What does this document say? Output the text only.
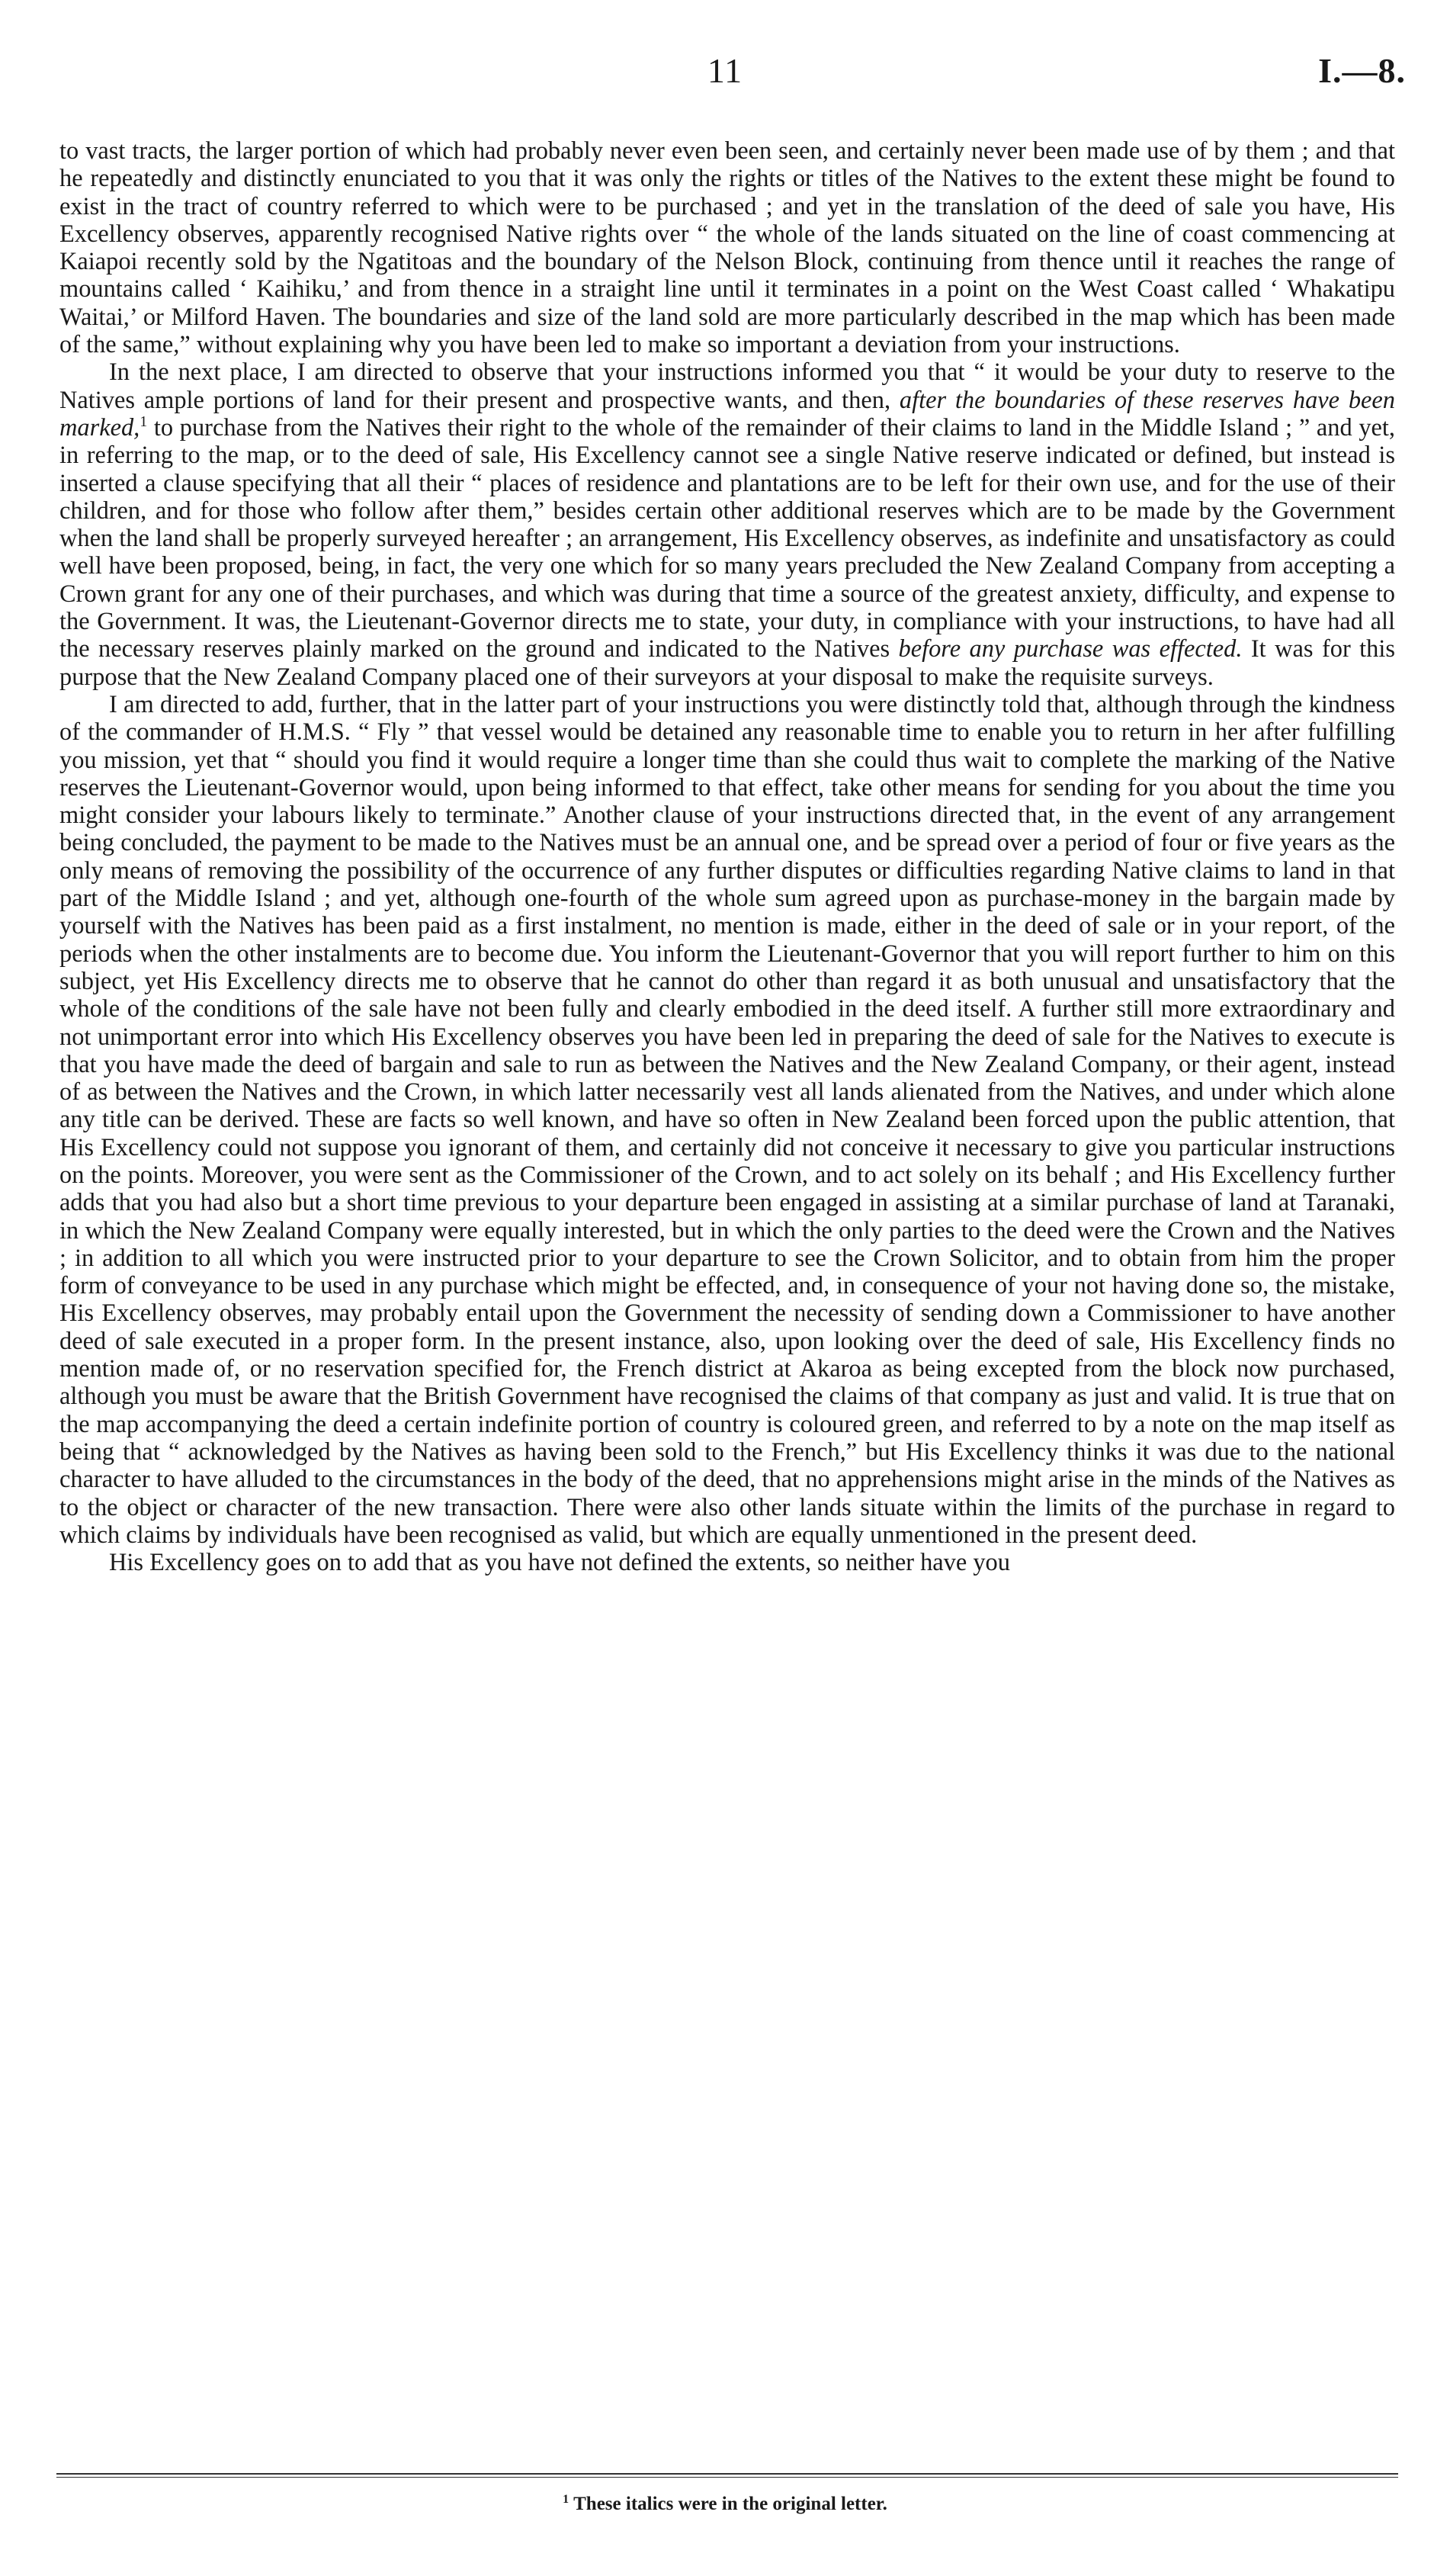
11	I.—8.

to vast tracts, the larger portion of which had probably never even been seen, and certainly never been made use of by them ; and that he repeatedly and distinctly enunciated to you that it was only the rights or titles of the Natives to the extent these might be found to exist in the tract of country referred to which were to be purchased ; and yet in the translation of the deed of sale you have, His Excellency observes, apparently recognised Native rights over “ the whole of the lands situated on the line of coast commencing at Kaiapoi recently sold by the Ngatitoas and the boundary of the Nelson Block, continuing from thence until it reaches the range of mountains called ‘ Kaihiku,’ and from thence in a straight line until it terminates in a point on the West Coast called ‘ Whakatipu Waitai,’ or Milford Haven. The boundaries and size of the land sold are more particularly described in the map which has been made of the same,” without explaining why you have been led to make so important a deviation from your instructions.

In the next place, I am directed to observe that your instructions informed you that “ it would be your duty to reserve to the Natives ample portions of land for their present and prospective wants, and then, after the boundaries of these reserves have been marked,$^1$ to purchase from the Natives their right to the whole of the remainder of their claims to land in the Middle Island ; ” and yet, in referring to the map, or to the deed of sale, His Excellency cannot see a single Native reserve indicated or defined, but instead is inserted a clause specifying that all their “ places of residence and plantations are to be left for their own use, and for the use of their children, and for those who follow after them,” besides certain other additional reserves which are to be made by the Government when the land shall be properly surveyed hereafter ; an arrangement, His Excellency observes, as indefinite and unsatisfactory as could well have been proposed, being, in fact, the very one which for so many years precluded the New Zealand Company from accepting a Crown grant for any one of their purchases, and which was during that time a source of the greatest anxiety, difficulty, and expense to the Government. It was, the Lieutenant-Governor directs me to state, your duty, in compliance with your instructions, to have had all the necessary reserves plainly marked on the ground and indicated to the Natives before any purchase was effected. It was for this purpose that the New Zealand Company placed one of their surveyors at your disposal to make the requisite surveys.

I am directed to add, further, that in the latter part of your instructions you were distinctly told that, although through the kindness of the commander of H.M.S. “ Fly ” that vessel would be detained any reasonable time to enable you to return in her after fulfilling you mission, yet that “ should you find it would require a longer time than she could thus wait to complete the marking of the Native reserves the Lieutenant-Governor would, upon being informed to that effect, take other means for sending for you about the time you might consider your labours likely to terminate.” Another clause of your instructions directed that, in the event of any arrangement being concluded, the payment to be made to the Natives must be an annual one, and be spread over a period of four or five years as the only means of removing the possibility of the occurrence of any further disputes or difficulties regarding Native claims to land in that part of the Middle Island ; and yet, although one-fourth of the whole sum agreed upon as purchase-money in the bargain made by yourself with the Natives has been paid as a first instalment, no mention is made, either in the deed of sale or in your report, of the periods when the other instalments are to become due. You inform the Lieutenant-Governor that you will report further to him on this subject, yet His Excellency directs me to observe that he cannot do other than regard it as both unusual and unsatisfactory that the whole of the conditions of the sale have not been fully and clearly embodied in the deed itself. A further still more extraordinary and not unimportant error into which His Excellency observes you have been led in preparing the deed of sale for the Natives to execute is that you have made the deed of bargain and sale to run as between the Natives and the New Zealand Company, or their agent, instead of as between the Natives and the Crown, in which latter necessarily vest all lands alienated from the Natives, and under which alone any title can be derived. These are facts so well known, and have so often in New Zealand been forced upon the public attention, that His Excellency could not suppose you ignorant of them, and certainly did not conceive it necessary to give you particular instructions on the points. Moreover, you were sent as the Commissioner of the Crown, and to act solely on its behalf ; and His Excellency further adds that you had also but a short time previous to your departure been engaged in assisting at a similar purchase of land at Taranaki, in which the New Zealand Company were equally interested, but in which the only parties to the deed were the Crown and the Natives ; in addition to all which you were instructed prior to your departure to see the Crown Solicitor, and to obtain from him the proper form of conveyance to be used in any purchase which might be effected, and, in consequence of your not having done so, the mistake, His Excellency observes, may probably entail upon the Government the necessity of sending down a Commissioner to have another deed of sale executed in a proper form. In the present instance, also, upon looking over the deed of sale, His Excellency finds no mention made of, or no reservation specified for, the French district at Akaroa as being excepted from the block now purchased, although you must be aware that the British Government have recognised the claims of that company as just and valid. It is true that on the map accompanying the deed a certain indefinite portion of country is coloured green, and referred to by a note on the map itself as being that “ acknowledged by the Natives as having been sold to the French,” but His Excellency thinks it was due to the national character to have alluded to the circumstances in the body of the deed, that no apprehensions might arise in the minds of the Natives as to the object or character of the new transaction. There were also other lands situate within the limits of the purchase in regard to which claims by individuals have been recognised as valid, but which are equally unmentioned in the present deed.

His Excellency goes on to add that as you have not defined the extents, so neither have you

$^1$ These italics were in the original letter.
